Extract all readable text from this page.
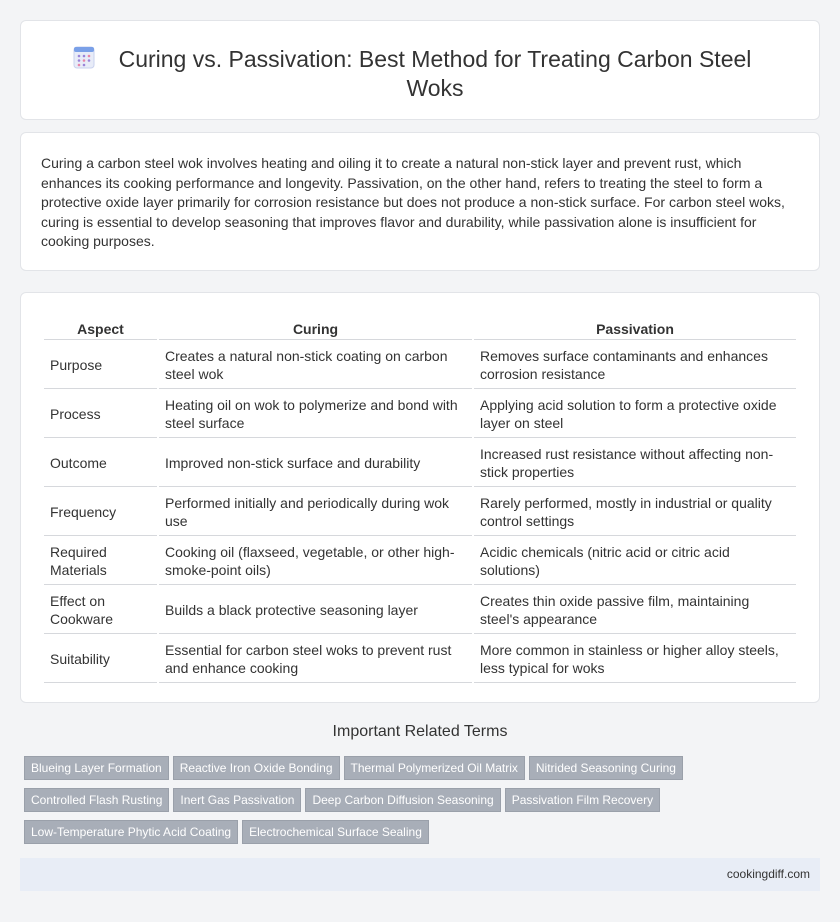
Curing vs. Passivation: Best Method for Treating Carbon Steel Woks

Curing a carbon steel wok involves heating and oiling it to create a natural non-stick layer and prevent rust, which enhances its cooking performance and longevity. Passivation, on the other hand, refers to treating the steel to form a protective oxide layer primarily for corrosion resistance but does not produce a non-stick surface. For carbon steel woks, curing is essential to develop seasoning that improves flavor and durability, while passivation alone is insufficient for cooking purposes.

Aspect	Curing	Passivation
Purpose	Creates a natural non-stick coating on carbon steel wok	Removes surface contaminants and enhances corrosion resistance
Process	Heating oil on wok to polymerize and bond with steel surface	Applying acid solution to form a protective oxide layer on steel
Outcome	Improved non-stick surface and durability	Increased rust resistance without affecting non-stick properties
Frequency	Performed initially and periodically during wok use	Rarely performed, mostly in industrial or quality control settings
Required Materials	Cooking oil (flaxseed, vegetable, or other high-smoke-point oils)	Acidic chemicals (nitric acid or citric acid solutions)
Effect on Cookware	Builds a black protective seasoning layer	Creates thin oxide passive film, maintaining steel's appearance
Suitability	Essential for carbon steel woks to prevent rust and enhance cooking	More common in stainless or higher alloy steels, less typical for woks
Important Related Terms
Blueing Layer Formation Reactive Iron Oxide Bonding Thermal Polymerized Oil Matrix Nitrided Seasoning Curing
Controlled Flash Rusting Inert Gas Passivation Deep Carbon Diffusion Seasoning Passivation Film Recovery
Low-Temperature Phytic Acid Coating Electrochemical Surface Sealing
cookingdiff.com
